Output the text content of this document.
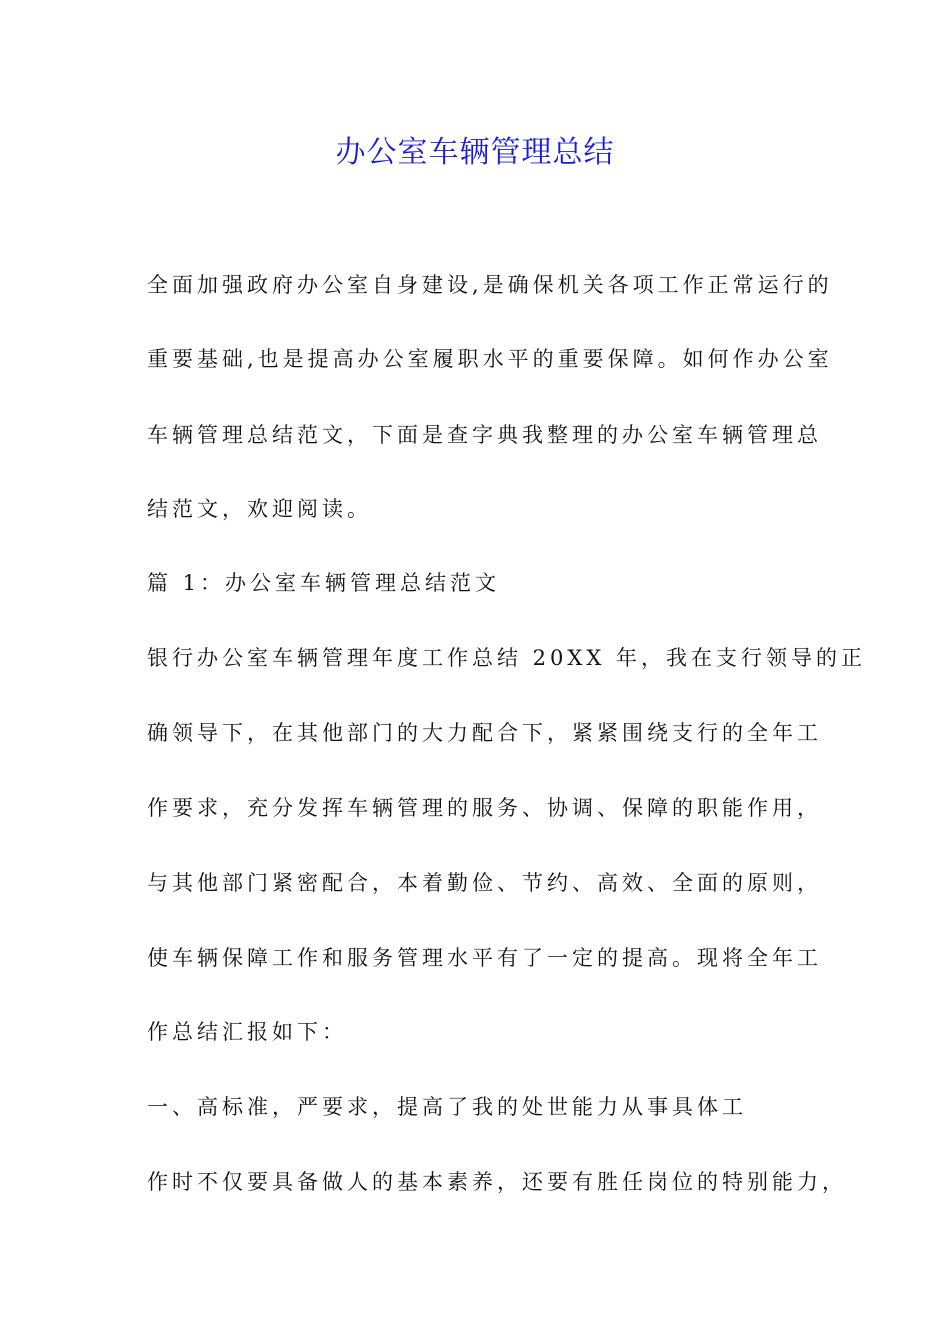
办公室车辆管理总结
全面加强政府办公室自身建设,是确保机关各项工作正常运行的
重要基础,也是提高办公室履职水平的重要保障。如何作办公室
车辆管理总结范文，下面是查字典我整理的办公室车辆管理总
结范文，欢迎阅读。
篇 1：办公室车辆管理总结范文
银行办公室车辆管理年度工作总结 20XX 年，我在支行领导的正
确领导下，在其他部门的大力配合下，紧紧围绕支行的全年工
作要求，充分发挥车辆管理的服务、协调、保障的职能作用，
与其他部门紧密配合，本着勤俭、节约、高效、全面的原则，
使车辆保障工作和服务管理水平有了一定的提高。现将全年工
作总结汇报如下：
一、高标准，严要求，提高了我的处世能力从事具体工
作时不仅要具备做人的基本素养，还要有胜任岗位的特别能力，
